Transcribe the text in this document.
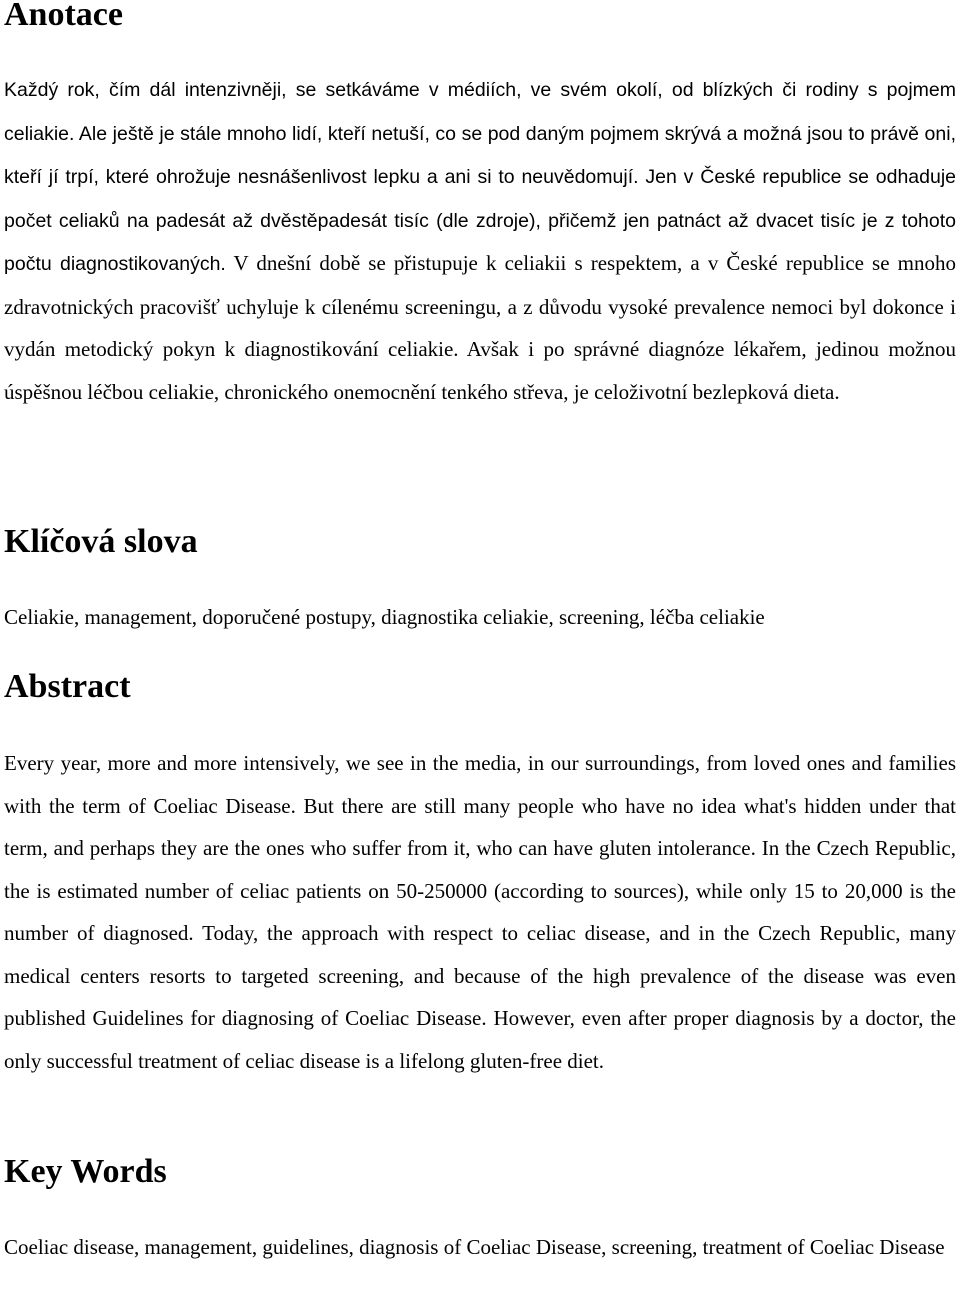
Anotace

Každý rok, čím dál intenzivněji, se setkáváme v médiích, ve svém okolí, od blízkých či rodiny s pojmem celiakie. Ale ještě je stále mnoho lidí, kteří netuší, co se pod daným pojmem skrývá a možná jsou to právě oni, kteří jí trpí, které ohrožuje nesnášenlivost lepku a ani si to neuvědomují. Jen v České republice se odhaduje počet celiaků na padesát až dvěstěpadesát tisíc (dle zdroje), přičemž jen patnáct až dvacet tisíc je z tohoto počtu diagnostikovaných. V dnešní době se přistupuje k celiakii s respektem, a v České republice se mnoho zdravotnických pracovišť uchyluje k cílenému screeningu, a z důvodu vysoké prevalence nemoci byl dokonce i vydán metodický pokyn k diagnostikování celiakie. Avšak i po správné diagnóze lékařem, jedinou možnou úspěšnou léčbou celiakie, chronického onemocnění tenkého střeva, je celoživotní bezlepková dieta.

Klíčová slova

Celiakie, management, doporučené postupy, diagnostika celiakie, screening, léčba celiakie

Abstract

Every year, more and more intensively, we see in the media, in our surroundings, from loved ones and families with the term of Coeliac Disease. But there are still many people who have no idea what's hidden under that term, and perhaps they are the ones who suffer from it, who can have gluten intolerance. In the Czech Republic, the is estimated number of celiac patients on 50-250000 (according to sources), while only 15 to 20,000 is the number of diagnosed. Today, the approach with respect to celiac disease, and in the Czech Republic, many medical centers resorts to targeted screening, and because of the high prevalence of the disease was even published Guidelines for diagnosing of Coeliac Disease. However, even after proper diagnosis by a doctor, the only successful treatment of celiac disease is a lifelong gluten-free diet.

Key Words

Coeliac disease, management, guidelines, diagnosis of Coeliac Disease, screening, treatment of Coeliac Disease
